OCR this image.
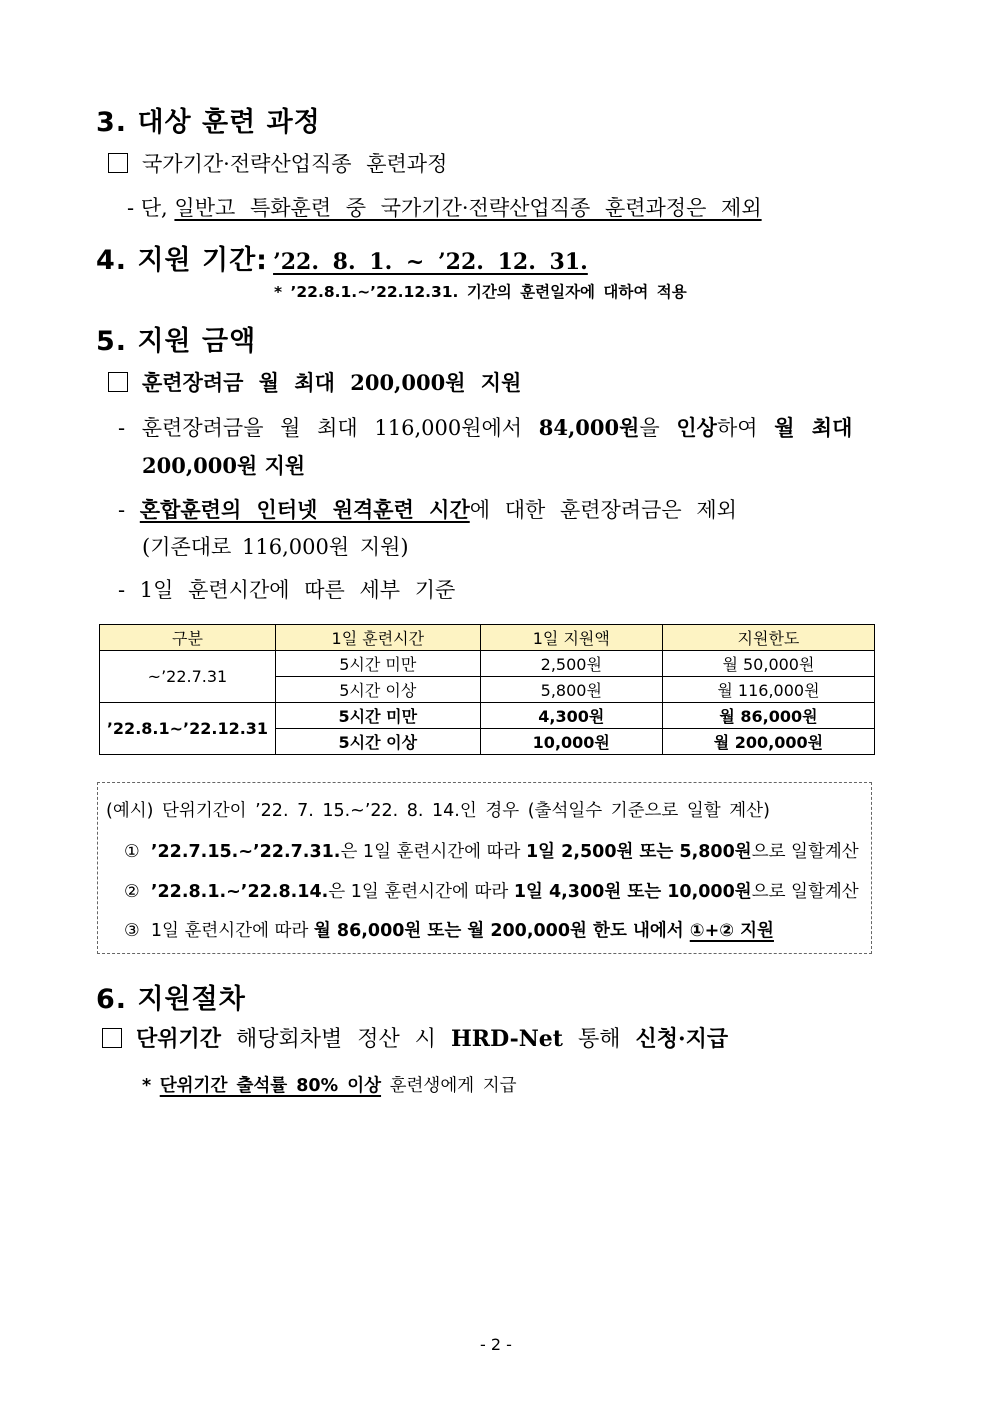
3. 대상 훈련 과정
국가기간·전략산업직종 훈련과정
- 단, 일반고 특화훈련 중 국가기간·전략산업직종 훈련과정은 제외
4. 지원 기간: ’22. 8. 1. ~ ’22. 12. 31.
* ’22.8.1.~’22.12.31. 기간의 훈련일자에 대하여 적용
5. 지원 금액
훈련장려금 월 최대 200,000원 지원
- 훈련장려금을 월 최대 116,000원에서 84,000원을 인상하여 월 최대
200,000원 지원
- 혼합훈련의 인터넷 원격훈련 시간에 대한 훈련장려금은 제외
(기존대로 116,000원 지원)
- 1일 훈련시간에 따른 세부 기준
구분	1일 훈련시간	1일 지원액	지원한도
~’22.7.31	5시간 미만	2,500원	월 50,000원
	5시간 이상	5,800원	월 116,000원
’22.8.1~’22.12.31	5시간 미만	4,300원	월 86,000원
	5시간 이상	10,000원	월 200,000원
(예시) 단위기간이 ’22. 7. 15.~’22. 8. 14.인 경우 (출석일수 기준으로 일할 계산)
① ’22.7.15.~’22.7.31.은 1일 훈련시간에 따라 1일 2,500원 또는 5,800원으로 일할계산
② ’22.8.1.~’22.8.14.은 1일 훈련시간에 따라 1일 4,300원 또는 10,000원으로 일할계산
③ 1일 훈련시간에 따라 월 86,000원 또는 월 200,000원 한도 내에서 ①+② 지원
6. 지원절차
단위기간 해당회차별 정산 시 HRD-Net 통해 신청·지급
* 단위기간 출석률 80% 이상 훈련생에게 지급
- 2 -
